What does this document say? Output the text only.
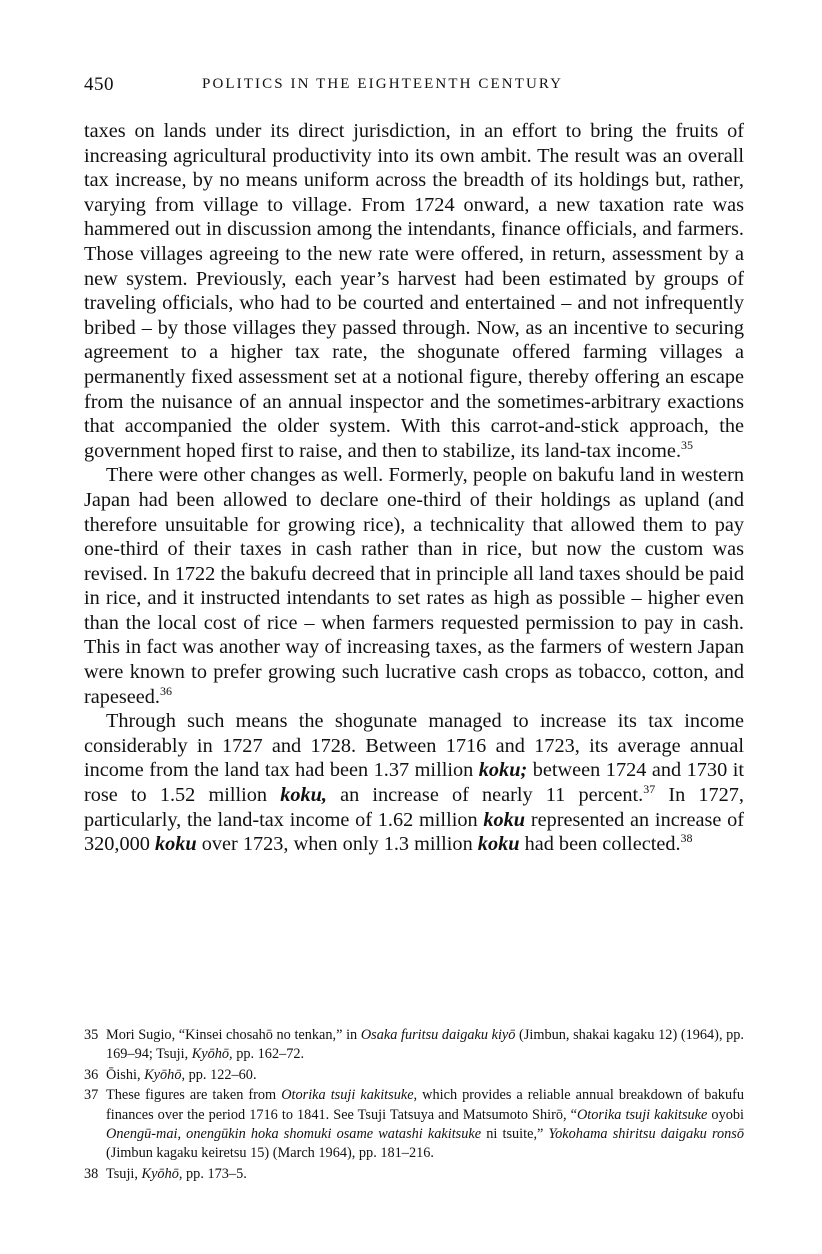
450	POLITICS IN THE EIGHTEENTH CENTURY

taxes on lands under its direct jurisdiction, in an effort to bring the fruits of increasing agricultural productivity into its own ambit. The result was an overall tax increase, by no means uniform across the breadth of its holdings but, rather, varying from village to village. From 1724 onward, a new taxation rate was hammered out in discussion among the intendants, finance officials, and farmers. Those villages agreeing to the new rate were offered, in return, assessment by a new system. Previously, each year’s harvest had been estimated by groups of traveling officials, who had to be courted and entertained – and not infrequently bribed – by those villages they passed through. Now, as an incentive to securing agreement to a higher tax rate, the shogunate offered farming villages a permanently fixed assessment set at a notional figure, thereby offering an escape from the nuisance of an annual inspector and the sometimes-arbitrary exactions that accompanied the older system. With this carrot-and-stick approach, the government hoped first to raise, and then to stabilize, its land-tax income.$^{35}$

There were other changes as well. Formerly, people on bakufu land in western Japan had been allowed to declare one-third of their holdings as upland (and therefore unsuitable for growing rice), a technicality that allowed them to pay one-third of their taxes in cash rather than in rice, but now the custom was revised. In 1722 the bakufu decreed that in principle all land taxes should be paid in rice, and it instructed intendants to set rates as high as possible – higher even than the local cost of rice – when farmers requested permission to pay in cash. This in fact was another way of increasing taxes, as the farmers of western Japan were known to prefer growing such lucrative cash crops as tobacco, cotton, and rapeseed.$^{36}$

Through such means the shogunate managed to increase its tax income considerably in 1727 and 1728. Between 1716 and 1723, its average annual income from the land tax had been 1.37 million koku; between 1724 and 1730 it rose to 1.52 million koku, an increase of nearly 11 percent.$^{37}$ In 1727, particularly, the land-tax income of 1.62 million koku represented an increase of 320,000 koku over 1723, when only 1.3 million koku had been collected.$^{38}$

35 Mori Sugio, “Kinsei chosahō no tenkan,” in Osaka furitsu daigaku kiyō (Jimbun, shakai kagaku 12) (1964), pp. 169–94; Tsuji, Kyōhō, pp. 162–72.

36 Ōishi, Kyōhō, pp. 122–60.

37 These figures are taken from Otorika tsuji kakitsuke, which provides a reliable annual breakdown of bakufu finances over the period 1716 to 1841. See Tsuji Tatsuya and Matsumoto Shirō, “Otorika tsuji kakitsuke oyobi Onengū-mai, onengūkin hoka shomuki osame watashi kakitsuke ni tsuite,” Yokohama shiritsu daigaku ronsō (Jimbun kagaku keiretsu 15) (March 1964), pp. 181–216.

38 Tsuji, Kyōhō, pp. 173–5.
